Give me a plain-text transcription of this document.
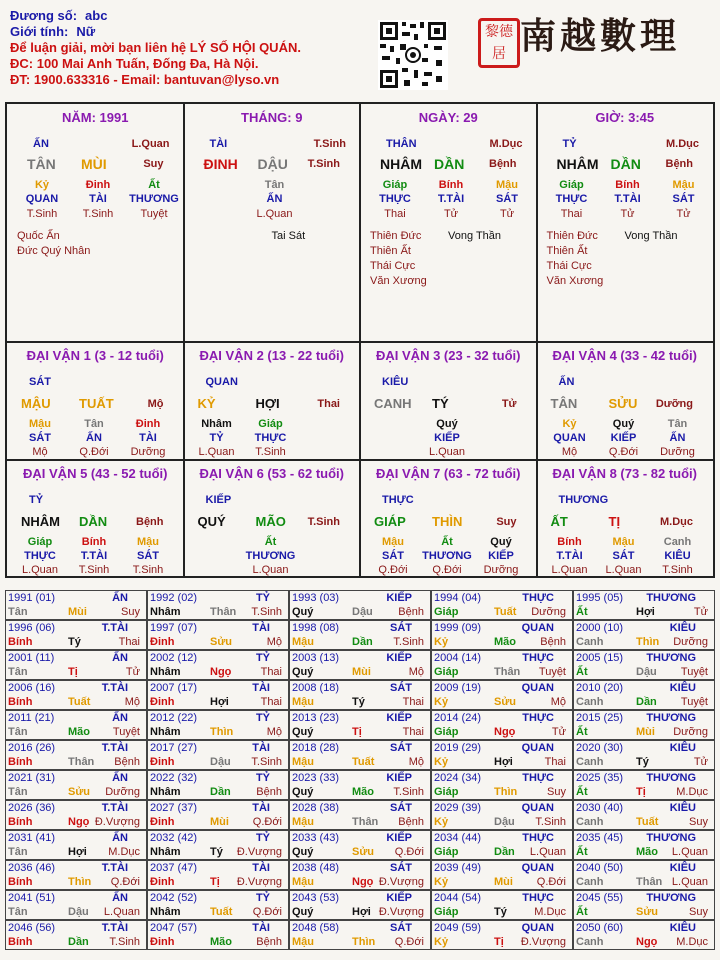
Đương số: abc
Giới tính: Nữ
Để luận giải, mời bạn liên hệ LÝ SỐ HỘI QUÁN.
ĐC: 100 Mai Anh Tuấn, Đống Đa, Hà Nội.
ĐT: 1900.633316 - Email: bantuvan@lyso.vn
黎德居 南越數理
NĂM: 1991
ẤN	L.Quan
TÂN MÙI	Suy
Kỷ	Đinh	Ất
QUAN	TÀI	THƯƠNG
T.Sinh	T.Sinh	Tuyệt
Quốc Ấn
Đức Quý Nhân
THÁNG: 9
TÀI	T.Sinh
ĐINH DẬU T.Sinh
Tân
ẤN
L.Quan
Tai Sát
NGÀY: 29
THÂN	M.Dục
NHÂM DẦN Bệnh
Giáp	Bính	Mậu
THỰC	T.TÀI	SÁT
Thai	Tử	Tử
Thiên Đức
Thiên Ất
Thái Cực
Văn Xương
Vong Thần
GIỜ: 3:45
TỶ	M.Dục
NHÂM DẦN Bệnh
Giáp	Bính	Mậu
THỰC	T.TÀI	SÁT
Thai	Tử	Tử
Thiên Đức
Thiên Ất
Thái Cực
Văn Xương
Vong Thần
ĐẠI VẬN 1 (3 - 12 tuổi)
SÁT
MẬU TUẤT	Mộ
Mậu	Tân	Đinh
SÁT	ẤN	TÀI
Mộ	Q.Đới	Dưỡng
ĐẠI VẬN 2 (13 - 22 tuổi)
QUAN
KỶ	HỢI	Thai
Nhâm	Giáp
TỶ	THỰC
L.Quan	T.Sinh
ĐẠI VẬN 3 (23 - 32 tuổi)
KIÊU
CANH TÝ	Tử
Quý
KIẾP
L.Quan
ĐẠI VẬN 4 (33 - 42 tuổi)
ẤN
TÂN SỬU Dưỡng
Kỷ	Quý	Tân
QUAN	KIẾP	ẤN
Mộ	Q.Đới	Dưỡng
ĐẠI VẬN 5 (43 - 52 tuổi)
TỶ
NHÂM DẦN	Bệnh
Giáp	Bính	Mậu
THỰC	T.TÀI	SÁT
L.Quan	T.Sinh	T.Sinh
ĐẠI VẬN 6 (53 - 62 tuổi)
KIẾP
QUÝ MÃO T.Sinh
Ất
THƯƠNG
L.Quan
ĐẠI VẬN 7 (63 - 72 tuổi)
THỰC
GIÁP THÌN	Suy
Mậu	Ất	Quý
SÁT	THƯƠNG	KIẾP
Q.Đới	Q.Đới	Dưỡng
ĐẠI VẬN 8 (73 - 82 tuổi)
THƯƠNG
ẤT	TỊ	M.Dục
Bính	Mậu	Canh
T.TÀI	SÁT	KIÊU
L.Quan	L.Quan	T.Sinh
1991 (01)	ẤN
Tân	Mùi	Suy
1992 (02)	TỶ
Nhâm	Thân T.Sinh
1993 (03)	KIẾP
Quý	Dậu Bệnh
1994 (04)	THỰC
Giáp	Tuất Dưỡng
1995 (05) THƯƠNG
Ất	Hợi	Tử
1996 (06)	T.TÀI
Bính	Tý	Thai
1997 (07)	TÀI
Đinh	Sửu	Mộ
1998 (08)	SÁT
Mậu	Dần T.Sinh
1999 (09)	QUAN
Kỷ	Mão Bệnh
2000 (10)	KIÊU
Canh	Thìn Dưỡng
2001 (11)	ẤN
Tân	Tị	Tử
2002 (12)	TỶ
Nhâm	Ngọ	Thai
2003 (13)	KIẾP
Quý	Mùi	Mộ
2004 (14)	THỰC
Giáp	Thân Tuyệt
2005 (15) THƯƠNG
Ất	Dậu Tuyệt
2006 (16)	T.TÀI
Bính	Tuất	Mộ
2007 (17)	TÀI
Đinh	Hợi	Thai
2008 (18)	SÁT
Mậu	Tý	Thai
2009 (19)	QUAN
Kỷ	Sửu	Mộ
2010 (20)	KIÊU
Canh	Dần Tuyệt
2011 (21)	ẤN
Tân	Mão Tuyệt
2012 (22)	TỶ
Nhâm	Thìn	Mộ
2013 (23)	KIẾP
Quý	Tị	Thai
2014 (24)	THỰC
Giáp	Ngọ	Tử
2015 (25) THƯƠNG
Ất	Mùi Dưỡng
2016 (26)	T.TÀI
Bính	Thân Bệnh
2017 (27)	TÀI
Đinh	Dậu T.Sinh
2018 (28)	SÁT
Mậu	Tuất	Mộ
2019 (29)	QUAN
Kỷ	Hợi	Thai
2020 (30)	KIÊU
Canh	Tý	Tử
2021 (31)	ẤN
Tân	Sửu Dưỡng
2022 (32)	TỶ
Nhâm	Dần Bệnh
2023 (33)	KIẾP
Quý	Mão T.Sinh
2024 (34)	THỰC
Giáp	Thìn	Suy
2025 (35) THƯƠNG
Ất	Tị	M.Dục
2026 (36)	T.TÀI
Bính	Ngọ Đ.Vượng
2027 (37)	TÀI
Đinh	Mùi Q.Đới
2028 (38)	SÁT
Mậu	Thân Bệnh
2029 (39)	QUAN
Kỷ	Dậu T.Sinh
2030 (40)	KIÊU
Canh	Tuất	Suy
2031 (41)	ẤN
Tân	Hợi M.Dục
2032 (42)	TỶ
Nhâm	Tý Đ.Vượng
2033 (43)	KIẾP
Quý	Sửu Q.Đới
2034 (44)	THỰC
Giáp	Dần L.Quan
2035 (45) THƯƠNG
Ất	Mão L.Quan
2036 (46)	T.TÀI
Bính	Thìn Q.Đới
2037 (47)	TÀI
Đinh	Tị Đ.Vượng
2038 (48)	SÁT
Mậu	Ngọ Đ.Vượng
2039 (49)	QUAN
Kỷ	Mùi Q.Đới
2040 (50)	KIÊU
Canh	Thân L.Quan
2041 (51)	ẤN
Tân	Dậu L.Quan
2042 (52)	TỶ
Nhâm	Tuất Q.Đới
2043 (53)	KIẾP
Quý	Hợi Đ.Vượng
2044 (54)	THỰC
Giáp	Tý M.Dục
2045 (55) THƯƠNG
Ất	Sửu	Suy
2046 (56)	T.TÀI
Bính	Dần T.Sinh
2047 (57)	TÀI
Đinh	Mão Bệnh
2048 (58)	SÁT
Mậu	Thìn Q.Đới
2049 (59)	QUAN
Kỷ	Tị Đ.Vượng
2050 (60)	KIÊU
Canh	Ngọ M.Dục
